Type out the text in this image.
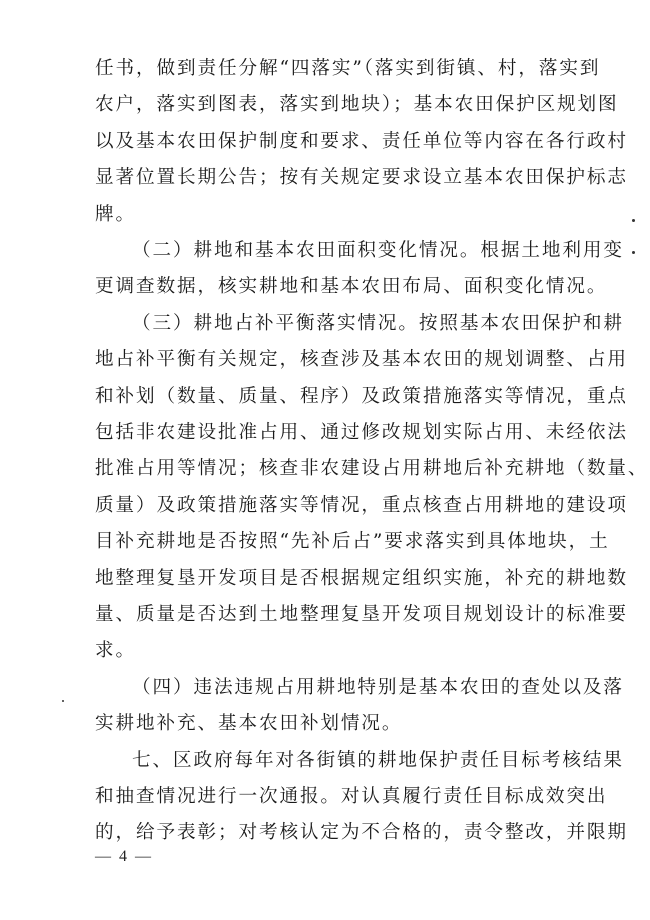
— 4 —
任书，做到责任分解“四落实”（落实到街镇、村，落实到
农户，落实到图表，落实到地块）；基本农田保护区规划图
以及基本农田保护制度和要求、责任单位等内容在各行政村
显著位置长期公告；按有关规定要求设立基本农田保护标志
牌。
（二）耕地和基本农田面积变化情况。根据土地利用变
更调查数据，核实耕地和基本农田布局、面积变化情况。
（三）耕地占补平衡落实情况。按照基本农田保护和耕
地占补平衡有关规定，核查涉及基本农田的规划调整、占用
和补划（数量、质量、程序）及政策措施落实等情况，重点
包括非农建设批准占用、通过修改规划实际占用、未经依法
批准占用等情况；核查非农建设占用耕地后补充耕地（数量、
质量）及政策措施落实等情况，重点核查占用耕地的建设项
目补充耕地是否按照“先补后占”要求落实到具体地块，土
地整理复垦开发项目是否根据规定组织实施，补充的耕地数
量、质量是否达到土地整理复垦开发项目规划设计的标准要
求。
（四）违法违规占用耕地特别是基本农田的查处以及落
实耕地补充、基本农田补划情况。
七、区政府每年对各街镇的耕地保护责任目标考核结果
和抽查情况进行一次通报。对认真履行责任目标成效突出
的，给予表彰；对考核认定为不合格的，责令整改，并限期
